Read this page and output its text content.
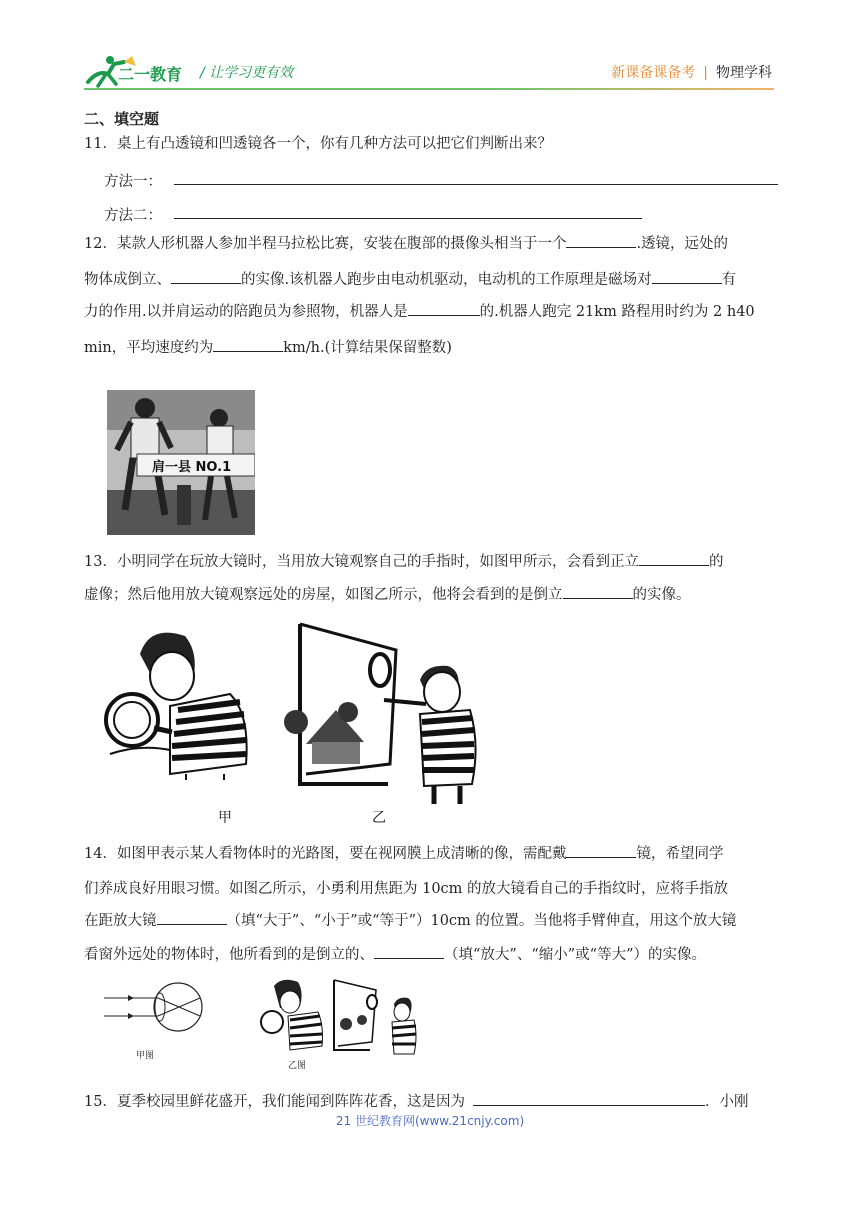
二一教育 / 让学习更有效	新课备课备考 | 物理学科
二、填空题
11．桌上有凸透镜和凹透镜各一个，你有几种方法可以把它们判断出来？
方法一：
方法二：
12．某款人形机器人参加半程马拉松比赛，安装在腹部的摄像头相当于一个	.透镜，远处的
物体成倒立、	的实像.该机器人跑步由电动机驱动，电动机的工作原理是磁场对	有
力的作用.以并肩运动的陪跑员为参照物，机器人是	的.机器人跑完 21km 路程用时约为 2 h40
min，平均速度约为	km/h.(计算结果保留整数)
肩一县 NO.1
13．小明同学在玩放大镜时，当用放大镜观察自己的手指时，如图甲所示，会看到正立	的
虚像；然后他用放大镜观察远处的房屋，如图乙所示，他将会看到的是倒立	的实像。
甲	乙
14．如图甲表示某人看物体时的光路图，要在视网膜上成清晰的像，需配戴	镜，希望同学
们养成良好用眼习惯。如图乙所示，小勇利用焦距为 10cm 的放大镜看自己的手指纹时，应将手指放
在距放大镜	（填“大于”、“小于”或“等于”）10cm 的位置。当他将手臂伸直，用这个放大镜
看窗外远处的物体时，他所看到的是倒立的、	（填“放大”、“缩小”或“等大”）的实像。
甲图
乙图
15．夏季校园里鲜花盛开，我们能闻到阵阵花香，这是因为	．小刚
21 世纪教育网(www.21cnjy.com)
